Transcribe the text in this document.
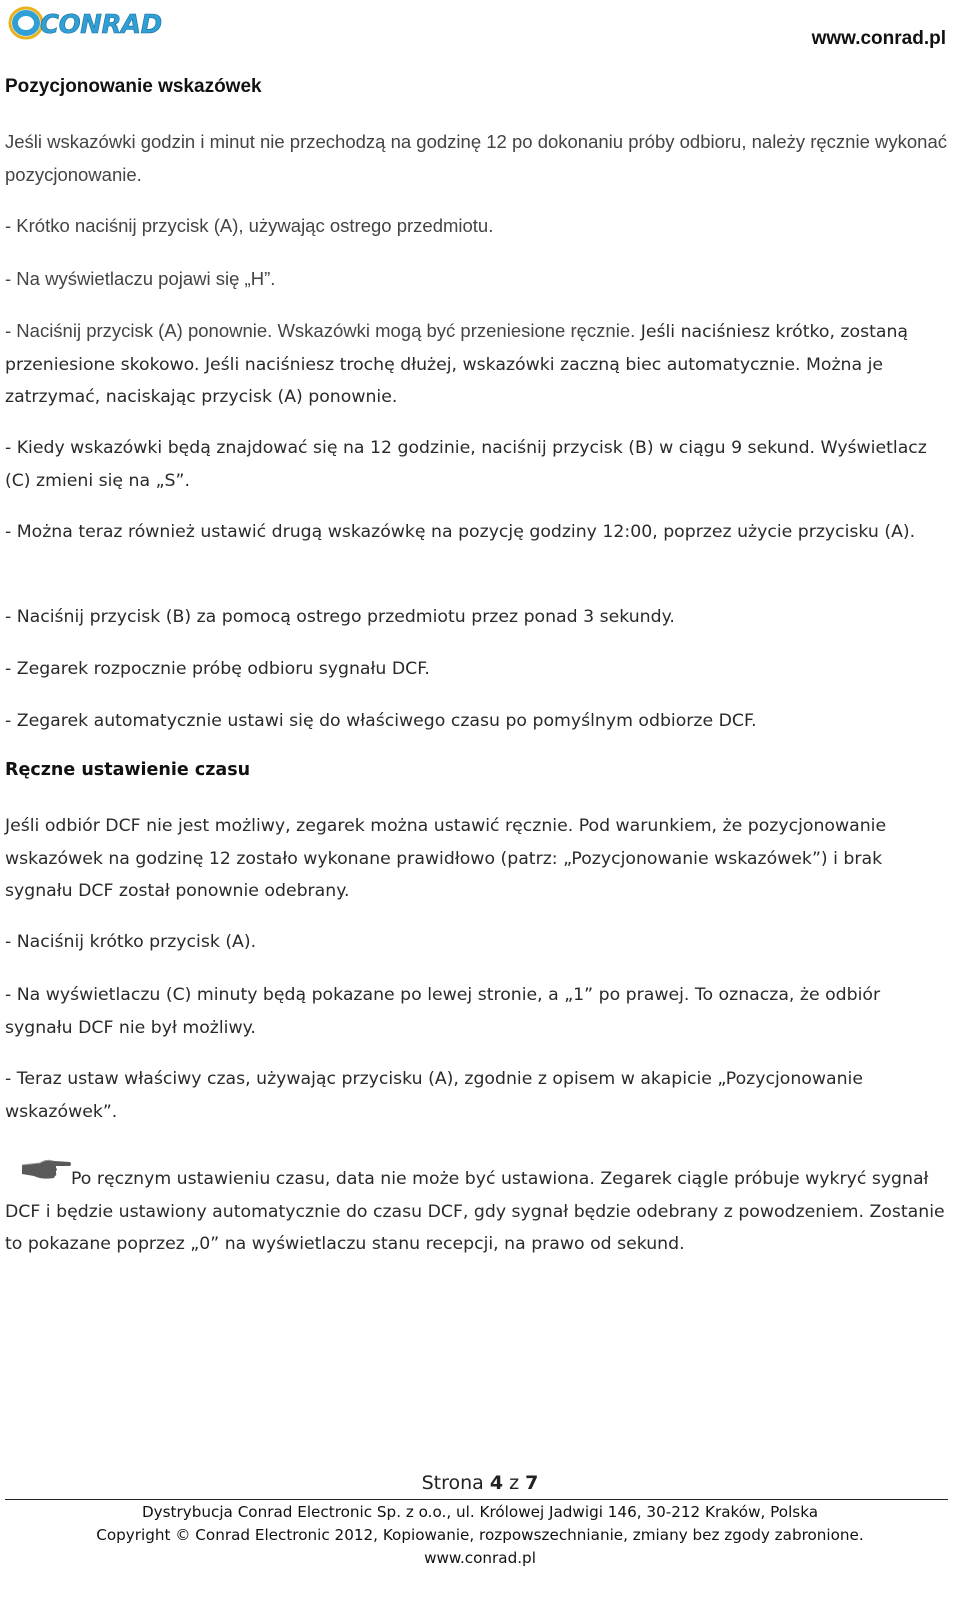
CONRAD	www.conrad.pl
Pozycjonowanie wskazówek
Jeśli wskazówki godzin i minut nie przechodzą na godzinę 12 po dokonaniu próby odbioru, należy ręcznie wykonać pozycjonowanie.
- Krótko naciśnij przycisk (A), używając ostrego przedmiotu.
- Na wyświetlaczu pojawi się „H”.
- Naciśnij przycisk (A) ponownie. Wskazówki mogą być przeniesione ręcznie. Jeśli naciśniesz krótko, zostaną przeniesione skokowo. Jeśli naciśniesz trochę dłużej, wskazówki zaczną biec automatycznie. Można je zatrzymać, naciskając przycisk (A) ponownie.
- Kiedy wskazówki będą znajdować się na 12 godzinie, naciśnij przycisk (B) w ciągu 9 sekund. Wyświetlacz (C) zmieni się na „S”.
- Można teraz również ustawić drugą wskazówkę na pozycję godziny 12:00, poprzez użycie przycisku (A).
- Naciśnij przycisk (B) za pomocą ostrego przedmiotu przez ponad 3 sekundy.
- Zegarek rozpocznie próbę odbioru sygnału DCF.
- Zegarek automatycznie ustawi się do właściwego czasu po pomyślnym odbiorze DCF.
Ręczne ustawienie czasu
Jeśli odbiór DCF nie jest możliwy, zegarek można ustawić ręcznie. Pod warunkiem, że pozycjonowanie wskazówek na godzinę 12 zostało wykonane prawidłowo (patrz: „Pozycjonowanie wskazówek”) i brak sygnału DCF został ponownie odebrany.
- Naciśnij krótko przycisk (A).
- Na wyświetlaczu (C) minuty będą pokazane po lewej stronie, a „1” po prawej. To oznacza, że odbiór sygnału DCF nie był możliwy.
- Teraz ustaw właściwy czas, używając przycisku (A), zgodnie z opisem w akapicie „Pozycjonowanie wskazówek”.
Po ręcznym ustawieniu czasu, data nie może być ustawiona. Zegarek ciągle próbuje wykryć sygnał DCF i będzie ustawiony automatycznie do czasu DCF, gdy sygnał będzie odebrany z powodzeniem. Zostanie to pokazane poprzez „0” na wyświetlaczu stanu recepcji, na prawo od sekund.
Strona 4 z 7
Dystrybucja Conrad Electronic Sp. z o.o., ul. Królowej Jadwigi 146, 30-212 Kraków, Polska
Copyright © Conrad Electronic 2012, Kopiowanie, rozpowszechnianie, zmiany bez zgody zabronione.
www.conrad.pl
